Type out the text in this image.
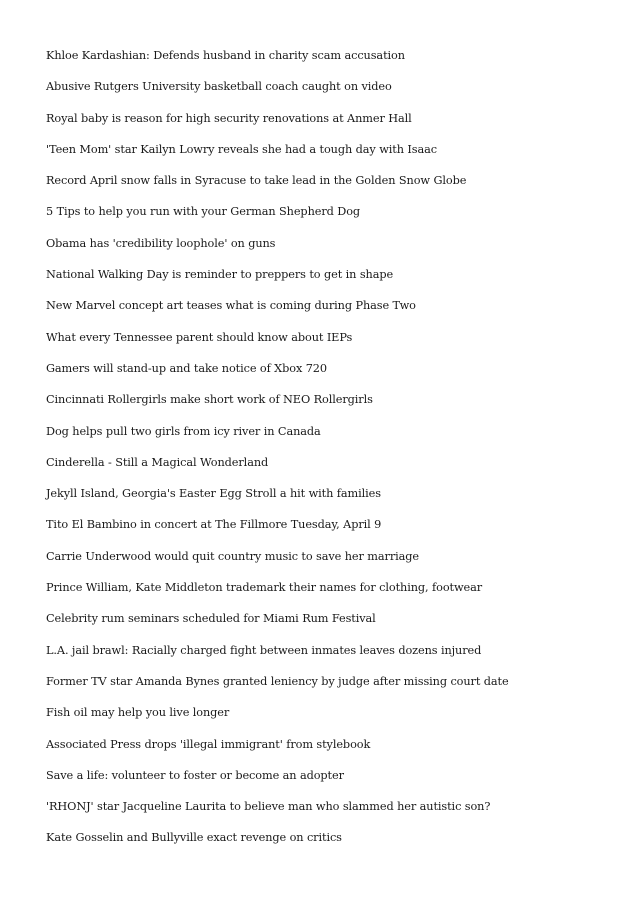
Khloe Kardashian: Defends husband in charity scam accusation
Abusive Rutgers University basketball coach caught on video
Royal baby is reason for high security renovations at Anmer Hall
'Teen Mom' star Kailyn Lowry reveals she had a tough day with Isaac
Record April snow falls in Syracuse to take lead in the Golden Snow Globe
5 Tips to help you run with your German Shepherd Dog
Obama has 'credibility loophole' on guns
National Walking Day is reminder to preppers to get in shape
New Marvel concept art teases what is coming during Phase Two
What every Tennessee parent should know about IEPs
Gamers will stand-up and take notice of Xbox 720
Cincinnati Rollergirls make short work of NEO Rollergirls
Dog helps pull two girls from icy river in Canada
Cinderella - Still a Magical Wonderland
Jekyll Island, Georgia's Easter Egg Stroll a hit with families
Tito El Bambino in concert at The Fillmore Tuesday, April 9
Carrie Underwood would quit country music to save her marriage
Prince William, Kate Middleton trademark their names for clothing, footwear
Celebrity rum seminars scheduled for Miami Rum Festival
L.A. jail brawl: Racially charged fight between inmates leaves dozens injured
Former TV star Amanda Bynes granted leniency by judge after missing court date
Fish oil may help you live longer
Associated Press drops 'illegal immigrant' from stylebook
Save a life: volunteer to foster or become an adopter
'RHONJ' star Jacqueline Laurita to believe man who slammed her autistic son?
Kate Gosselin and Bullyville exact revenge on critics
